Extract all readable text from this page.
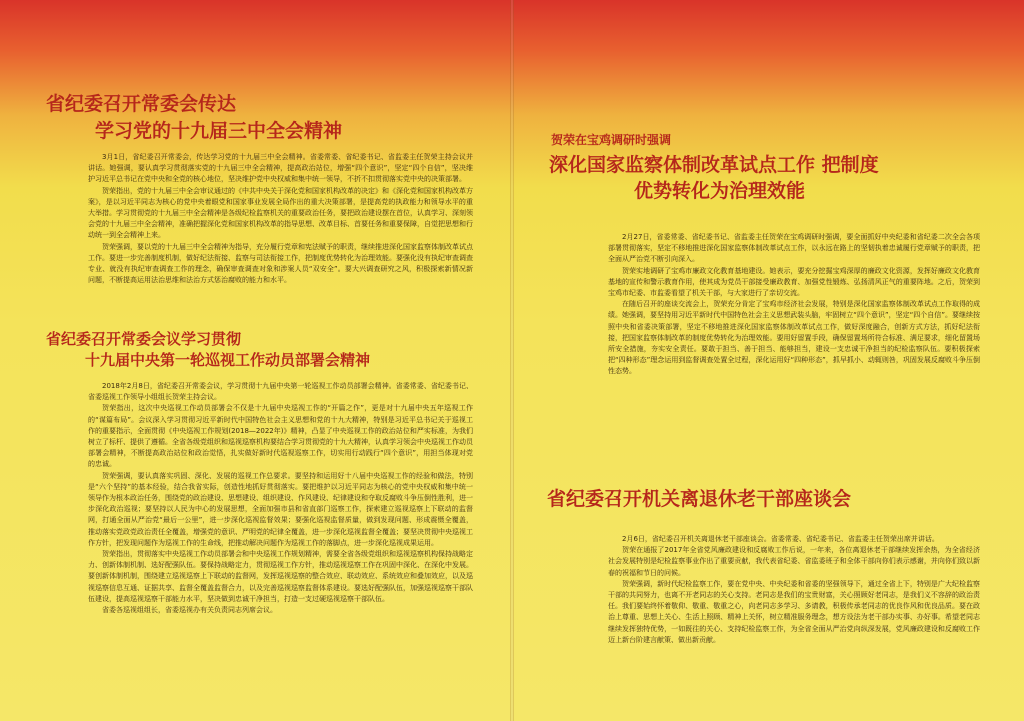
省纪委召开常委会传达
学习党的十九届三中全会精神

3月1日，省纪委召开常委会，传达学习党的十九届三中全会精神。省委常委、省纪委书记、省监委主任贺荣主持会议并讲话。她强调，要认真学习贯彻落实党的十九届三中全会精神，提高政治站位，增强“四个意识”，坚定“四个自信”，坚决维护习近平总书记在党中央和全党的核心地位，坚决维护党中央权威和集中统一领导，不折不扣贯彻落实党中央的决策部署。

贺荣指出，党的十九届三中全会审议通过的《中共中央关于深化党和国家机构改革的决定》和《深化党和国家机构改革方案》，是以习近平同志为核心的党中央着眼党和国家事业发展全局作出的重大决策部署，是提高党的执政能力和领导水平的重大举措。学习贯彻党的十九届三中全会精神是各级纪检监察机关的重要政治任务，要把政治建设摆在首位，认真学习、深刻领会党的十九届三中全会精神，准确把握深化党和国家机构改革的指导思想、改革目标、首要任务和重要保障，自觉把思想和行动统一到全会精神上来。

贺荣强调，要以党的十九届三中全会精神为指导，充分履行党章和宪法赋予的职责，继续推进深化国家监察体制改革试点工作。要进一步完善制度机制，做好纪法衔接、监察与司法衔接工作，把制度优势转化为治理效能。要强化没有执纪审查调查专业、就没有执纪审查调查工作的理念，确保审查调查对象和涉案人员“双安全”。要大兴调查研究之风，积极探索新情况新问题，不断提高运用法治思维和法治方式惩治腐败的能力和水平。

省纪委召开常委会议学习贯彻
十九届中央第一轮巡视工作动员部署会精神

2018年2月8日，省纪委召开常委会议，学习贯彻十九届中央第一轮巡视工作动员部署会精神。省委常委、省纪委书记、省委巡视工作领导小组组长贺荣主持会议。

贺荣指出，这次中央巡视工作动员部署会不仅是十九届中央巡视工作的“开篇之作”，更是对十九届中央五年巡视工作的“谋篇布局”。会议深入学习贯彻习近平新时代中国特色社会主义思想和党的十九大精神，特别是习近平总书记关于巡视工作的重要指示，全面贯彻《中央巡视工作规划(2018—2022年)》精神，凸显了中央巡视工作的政治站位和严实标准，为我们树立了标杆、提供了遵循。全省各级党组织和巡视巡察机构要结合学习贯彻党的十九大精神，认真学习领会中央巡视工作动员部署会精神，不断提高政治站位和政治觉悟，扎实做好新时代巡视巡察工作，切实用行动践行“四个意识”，用担当体现对党的忠诚。

贺荣强调，要认真落实巩固、深化、发展的巡视工作总要求。要坚持和运用好十八届中央巡视工作的经验和做法，特别是“六个坚持”的基本经验，结合我省实际，创造性地抓好贯彻落实。要把维护以习近平同志为核心的党中央权威和集中统一领导作为根本政治任务，围绕党的政治建设、思想建设、组织建设、作风建设、纪律建设和夺取反腐败斗争压倒性胜利，进一步深化政治巡视；要坚持以人民为中心的发展思想，全面加强市县和省直部门巡察工作，探索建立巡视巡察上下联动的监督网，打通全面从严治党“最后一公里”，进一步深化巡视监督效果；要强化巡视监督质量，做到发现问题、形成震慑全覆盖，推动落实党政党政治责任全覆盖，增强党的意识、严明党的纪律全覆盖，进一步深化巡视监督全覆盖；要坚决贯彻中央巡视工作方针，把发现问题作为巡视工作的生命线，把推动解决问题作为巡视工作的落脚点，进一步深化巡视成果运用。

贺荣指出，贯彻落实中央巡视工作动员部署会和中央巡视工作规划精神，需要全省各级党组织和巡视巡察机构保持战略定力、创新体制机制、选好配强队伍。要保持战略定力，贯彻巡视工作方针，推动巡视巡察工作在巩固中深化、在深化中发展。要创新体制机制，围绕建立巡视巡察上下联动的监督网，发挥巡视巡察的整合效应、联动效应、系统效应和叠加效应，以及巡视巡察信息互通、证据共享、监督全覆盖监督合力，以及完善巡视巡察监督体系建设。要选好配强队伍，加强巡视巡察干部队伍建设，提高巡视巡察干部能力水平，坚决做到忠诚干净担当，打造一支过硬巡视巡察干部队伍。

省委各巡视组组长，省委巡视办有关负责同志列席会议。

贺荣在宝鸡调研时强调
深化国家监察体制改革试点工作 把制度
优势转化为治理效能

2月27日，省委常委、省纪委书记、省监委主任贺荣在宝鸡调研时强调，要全面抓好中央纪委和省纪委二次全会各项部署贯彻落实，坚定不移地推进深化国家监察体制改革试点工作，以永远在路上的坚韧执着忠诚履行党章赋予的职责，把全面从严治党不断引向深入。

贺荣实地调研了宝鸡市廉政文化教育基地建设。她表示，要充分挖掘宝鸡深厚的廉政文化资源，发挥好廉政文化教育基地的宣传和警示教育作用，使其成为党员干部接受廉政教育、加强党性锻炼、弘扬清风正气的重要阵地。之后，贺荣到宝鸡市纪委、市监委看望了机关干部，与大家进行了亲切交流。

在随后召开的座谈交流会上，贺荣充分肯定了宝鸡市经济社会发展，特别是深化国家监察体制改革试点工作取得的成绩。她强调，要坚持用习近平新时代中国特色社会主义思想武装头脑，牢固树立“四个意识”，坚定“四个自信”。要继续按照中央和省委决策部署，坚定不移地推进深化国家监察体制改革试点工作，做好深度融合，创新方式方法，抓好纪法衔接，把国家监察体制改革的制度优势转化为治理效能。要用好留置手段，确保留置场所符合标准、满足要求，细化留置场所安全措施，夯实安全责任。要敢于担当、善于担当、能够担当，建设一支忠诚干净担当的纪检监察队伍。要积极探索把“四种形态”理念运用到监督调查处置全过程，深化运用好“四种形态”，抓早抓小、动辄则咎，巩固发展反腐败斗争压倒性态势。

省纪委召开机关离退休老干部座谈会

2月6日，省纪委召开机关离退休老干部座谈会。省委常委、省纪委书记、省监委主任贺荣出席并讲话。

贺荣在通报了2017年全省党风廉政建设和反腐败工作后说，一年来，各位离退休老干部继续发挥余热，为全省经济社会发展特别是纪检监察事业作出了重要贡献，我代表省纪委、省监委班子和全体干部向你们表示感谢，并向你们致以新春的祝福和节日的问候。

贺荣强调，新时代纪检监察工作，要在党中央、中央纪委和省委的坚强领导下，通过全省上下，特别是广大纪检监察干部的共同努力，也离不开老同志的关心支持。老同志是我们的宝贵财富，关心照顾好老同志，是我们义不容辞的政治责任。我们要始终怀着敬仰、敬重、敬重之心，向老同志多学习、多请教，积极传承老同志的优良作风和优良品质。要在政治上尊重、思想上关心、生活上照顾、精神上关怀，树立精准服务理念，想方设法为老干部办实事、办好事。希望老同志继续发挥独特优势，一如既往的关心、支持纪检监察工作，为全省全面从严治党向纵深发展，党风廉政建设和反腐败工作迈上新台阶建言献策、做出新贡献。
